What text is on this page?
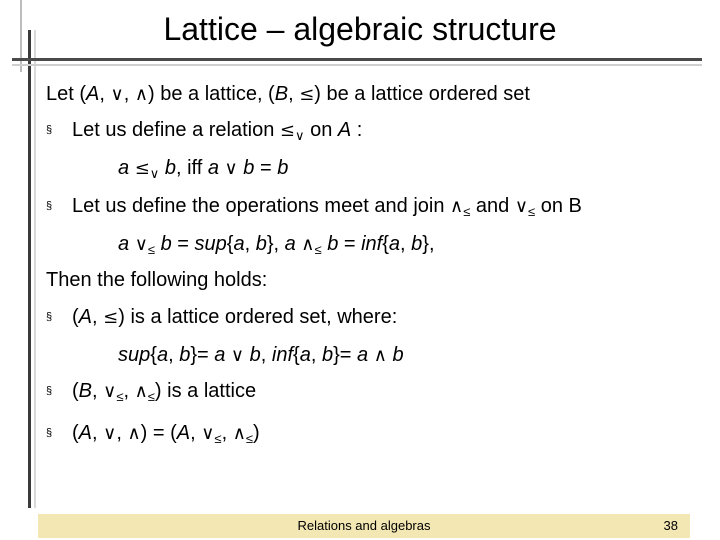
Lattice – algebraic structure
Let (A, ∨, ∧) be a lattice, (B, ≤) be a lattice ordered set
§ Let us define a relation $\le_\vee$ on A :
$a \le_\vee$ b, iff a ∨ b = b
§ Let us define the operations meet and join $\wedge_\le$ and $\vee_\le$ on B
a $\vee_\le$ b = sup{a, b}, a $\wedge_\le$ b = inf{a, b},
Then the following holds:
§ (A, ≤) is a lattice ordered set, where:
sup{a, b}= a ∨ b, inf{a, b}= a ∧ b
§ (B, $\vee_\le$, $\wedge_\le$) is a lattice
§ (A, ∨, ∧) = (A, $\vee_\le$, $\wedge_\le$)
Relations and algebras	38
